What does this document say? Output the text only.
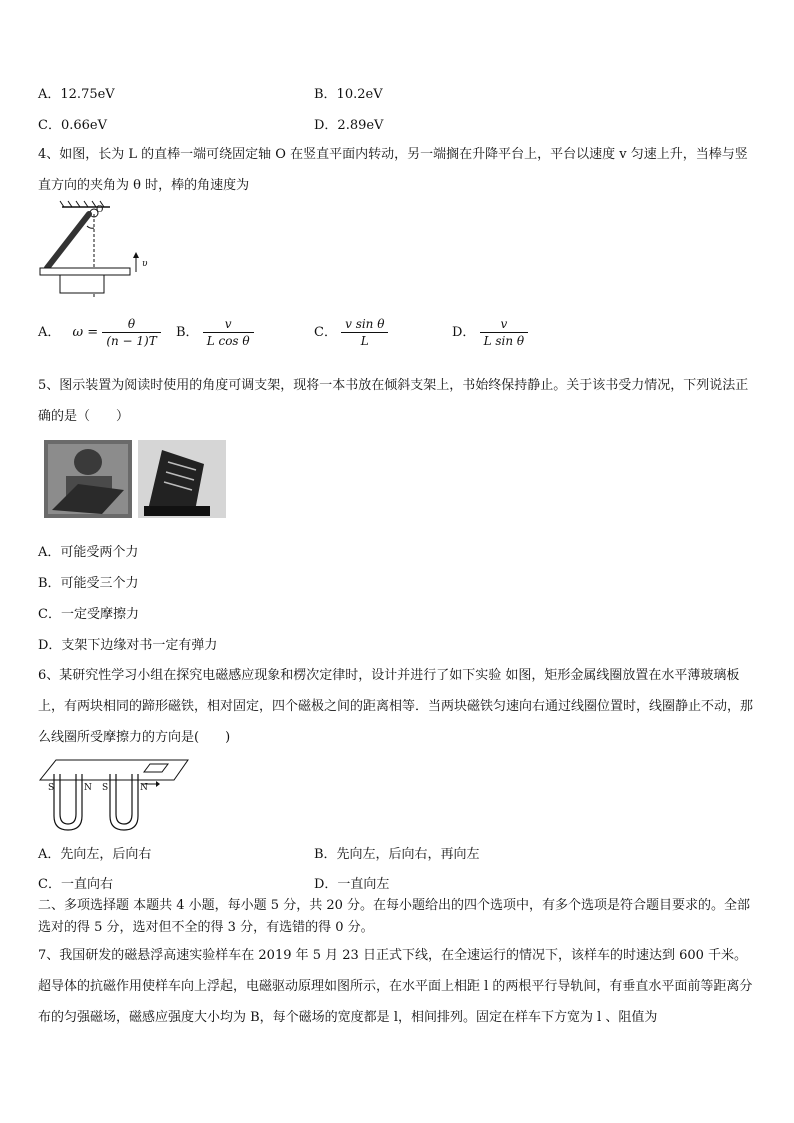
A．12.75eV	B．10.2eV
C．0.66eV	D．2.89eV
4、如图，长为 L 的直棒一端可绕固定轴 O 在竖直平面内转动，另一端搁在升降平台上，平台以速度 v 匀速上升，当棒与竖直方向的夹角为 θ 时，棒的角速度为
O
υ
A． $\omega = \frac{\theta}{(n - 1)T}$ B． $\frac{v}{\text{L cos θ}}$	C． $\frac{\text{v sin θ}}{L}$	D． $\frac{v}{\text{L sin θ}}$
5、图示装置为阅读时使用的角度可调支架，现将一本书放在倾斜支架上，书始终保持静止。关于该书受力情况，下列说法正确的是（　　）
A．可能受两个力
B．可能受三个力
C．一定受摩擦力
D．支架下边缘对书一定有弹力
6、某研究性学习小组在探究电磁感应现象和楞次定律时，设计并进行了如下实验 如图，矩形金属线圈放置在水平薄玻璃板上，有两块相同的蹄形磁铁，相对固定，四个磁极之间的距离相等．当两块磁铁匀速向右通过线圈位置时，线圈静止不动，那么线圈所受摩擦力的方向是(　　)
S	N S	N
A．先向左，后向右	B．先向左，后向右，再向左
C．一直向右	D．一直向左
二、多项选择题 本题共 4 小题，每小题 5 分，共 20 分。在每小题给出的四个选项中，有多个选项是符合题目要求的。全部选对的得 5 分，选对但不全的得 3 分，有选错的得 0 分。
7、我国研发的磁悬浮高速实验样车在 2019 年 5 月 23 日正式下线，在全速运行的情况下，该样车的时速达到 600 千米。超导体的抗磁作用使样车向上浮起，电磁驱动原理如图所示，在水平面上相距 l 的两根平行导轨间，有垂直水平面前等距离分布的匀强磁场，磁感应强度大小均为 B，每个磁场的宽度都是 l，相间排列。固定在样车下方宽为 l 、阻值为
